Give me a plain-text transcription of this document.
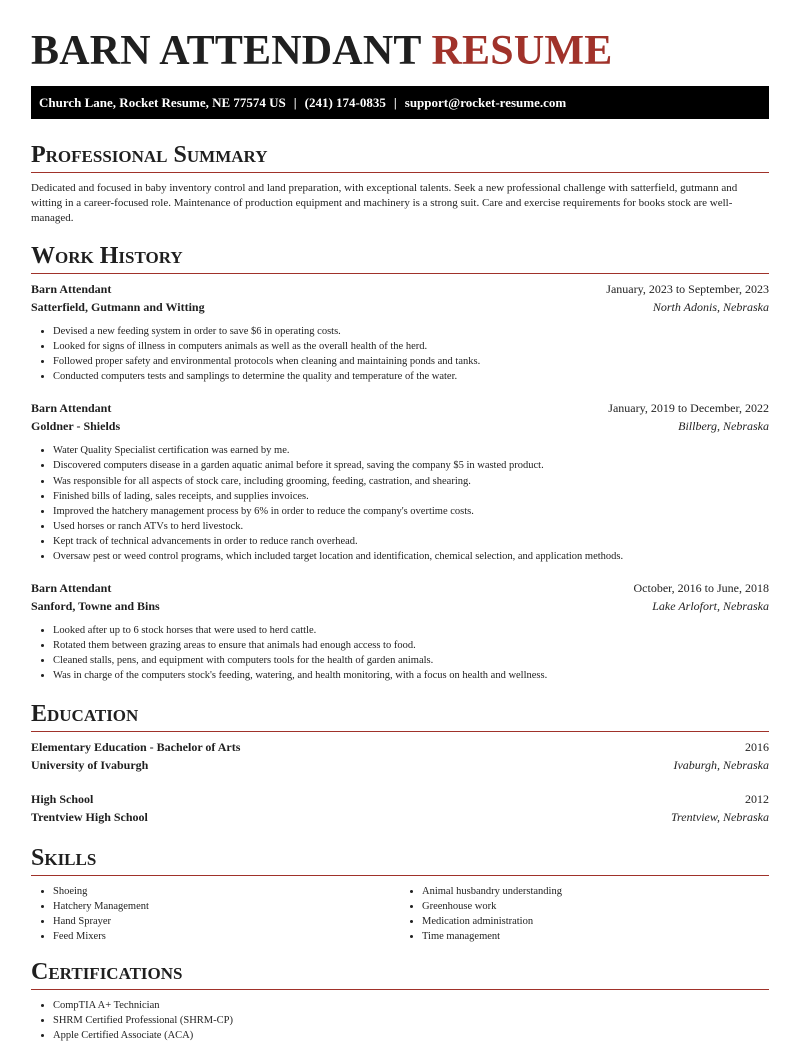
BARN ATTENDANT RESUME
Church Lane, Rocket Resume, NE 77574 US | (241) 174-0835 | support@rocket-resume.com
Professional Summary

Dedicated and focused in baby inventory control and land preparation, with exceptional talents. Seek a new professional challenge with satterfield, gutmann and witting in a career-focused role. Maintenance of production equipment and machinery is a strong suit. Care and exercise requirements for books stock are well-managed.

Work History
Barn Attendant	January, 2023 to September, 2023
Satterfield, Gutmann and Witting	North Adonis, Nebraska
• Devised a new feeding system in order to save $6 in operating costs.
• Looked for signs of illness in computers animals as well as the overall health of the herd.
• Followed proper safety and environmental protocols when cleaning and maintaining ponds and tanks.
• Conducted computers tests and samplings to determine the quality and temperature of the water.
Barn Attendant	January, 2019 to December, 2022
Goldner - Shields	Billberg, Nebraska
• Water Quality Specialist certification was earned by me.
• Discovered computers disease in a garden aquatic animal before it spread, saving the company $5 in wasted product.
• Was responsible for all aspects of stock care, including grooming, feeding, castration, and shearing.
• Finished bills of lading, sales receipts, and supplies invoices.
• Improved the hatchery management process by 6% in order to reduce the company's overtime costs.
• Used horses or ranch ATVs to herd livestock.
• Kept track of technical advancements in order to reduce ranch overhead.
• Oversaw pest or weed control programs, which included target location and identification, chemical selection, and application methods.
Barn Attendant	October, 2016 to June, 2018
Sanford, Towne and Bins	Lake Arlofort, Nebraska
• Looked after up to 6 stock horses that were used to herd cattle.
• Rotated them between grazing areas to ensure that animals had enough access to food.
• Cleaned stalls, pens, and equipment with computers tools for the health of garden animals.
• Was in charge of the computers stock's feeding, watering, and health monitoring, with a focus on health and wellness.
Education
Elementary Education - Bachelor of Arts	2016
University of Ivaburgh	Ivaburgh, Nebraska
High School	2012
Trentview High School	Trentview, Nebraska
Skills
• Shoeing
• Hatchery Management
• Hand Sprayer
• Feed Mixers
• Animal husbandry understanding
• Greenhouse work
• Medication administration
• Time management
Certifications
• CompTIA A+ Technician
• SHRM Certified Professional (SHRM-CP)
• Apple Certified Associate (ACA)
